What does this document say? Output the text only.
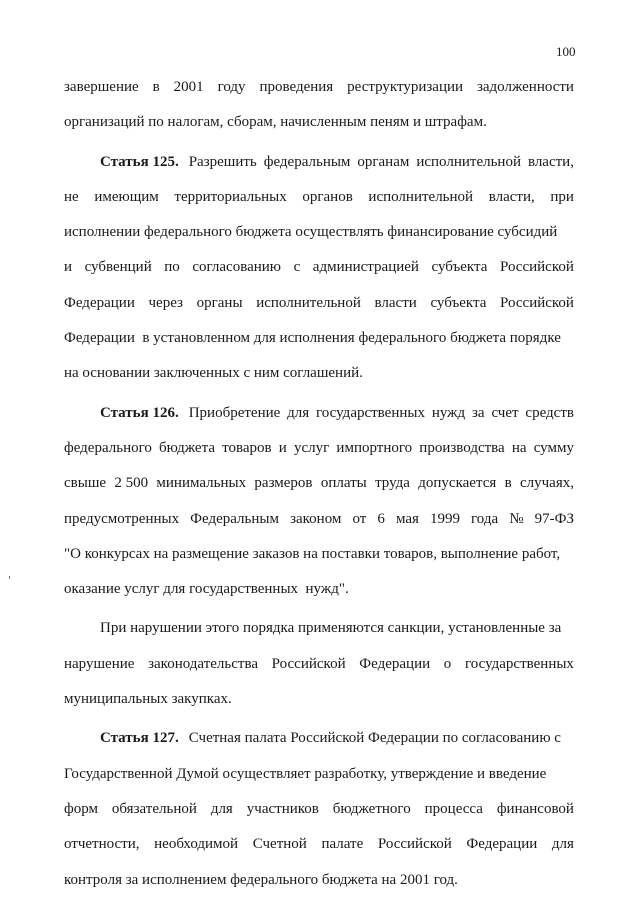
100
завершение в 2001 году проведения реструктуризации задолженности
организаций по налогам, сборам, начисленным пеням и штрафам.
Статья 125. Разрешить федеральным органам исполнительной власти,
не имеющим территориальных органов исполнительной власти, при
исполнении федерального бюджета осуществлять финансирование субсидий
и субвенций по согласованию с администрацией субъекта Российской
Федерации через органы исполнительной власти субъекта Российской
Федерации  в установленном для исполнения федерального бюджета порядке
на основании заключенных с ним соглашений.
Статья 126. Приобретение для государственных нужд за счет средств
федерального бюджета товаров и услуг импортного производства на сумму
свыше 2 500 минимальных размеров оплаты труда допускается в случаях,
предусмотренных Федеральным законом от 6 мая 1999 года № 97-ФЗ
"О конкурсах на размещение заказов на поставки товаров, выполнение работ,
оказание услуг для государственных  нужд".
При нарушении этого порядка применяются санкции, установленные за
нарушение законодательства Российской Федерации о государственных
муниципальных закупках.
Статья 127. Счетная палата Российской Федерации по согласованию с
Государственной Думой осуществляет разработку, утверждение и введение
форм обязательной для участников бюджетного процесса финансовой
отчетности, необходимой Счетной палате Российской Федерации для
контроля за исполнением федерального бюджета на 2001 год.
